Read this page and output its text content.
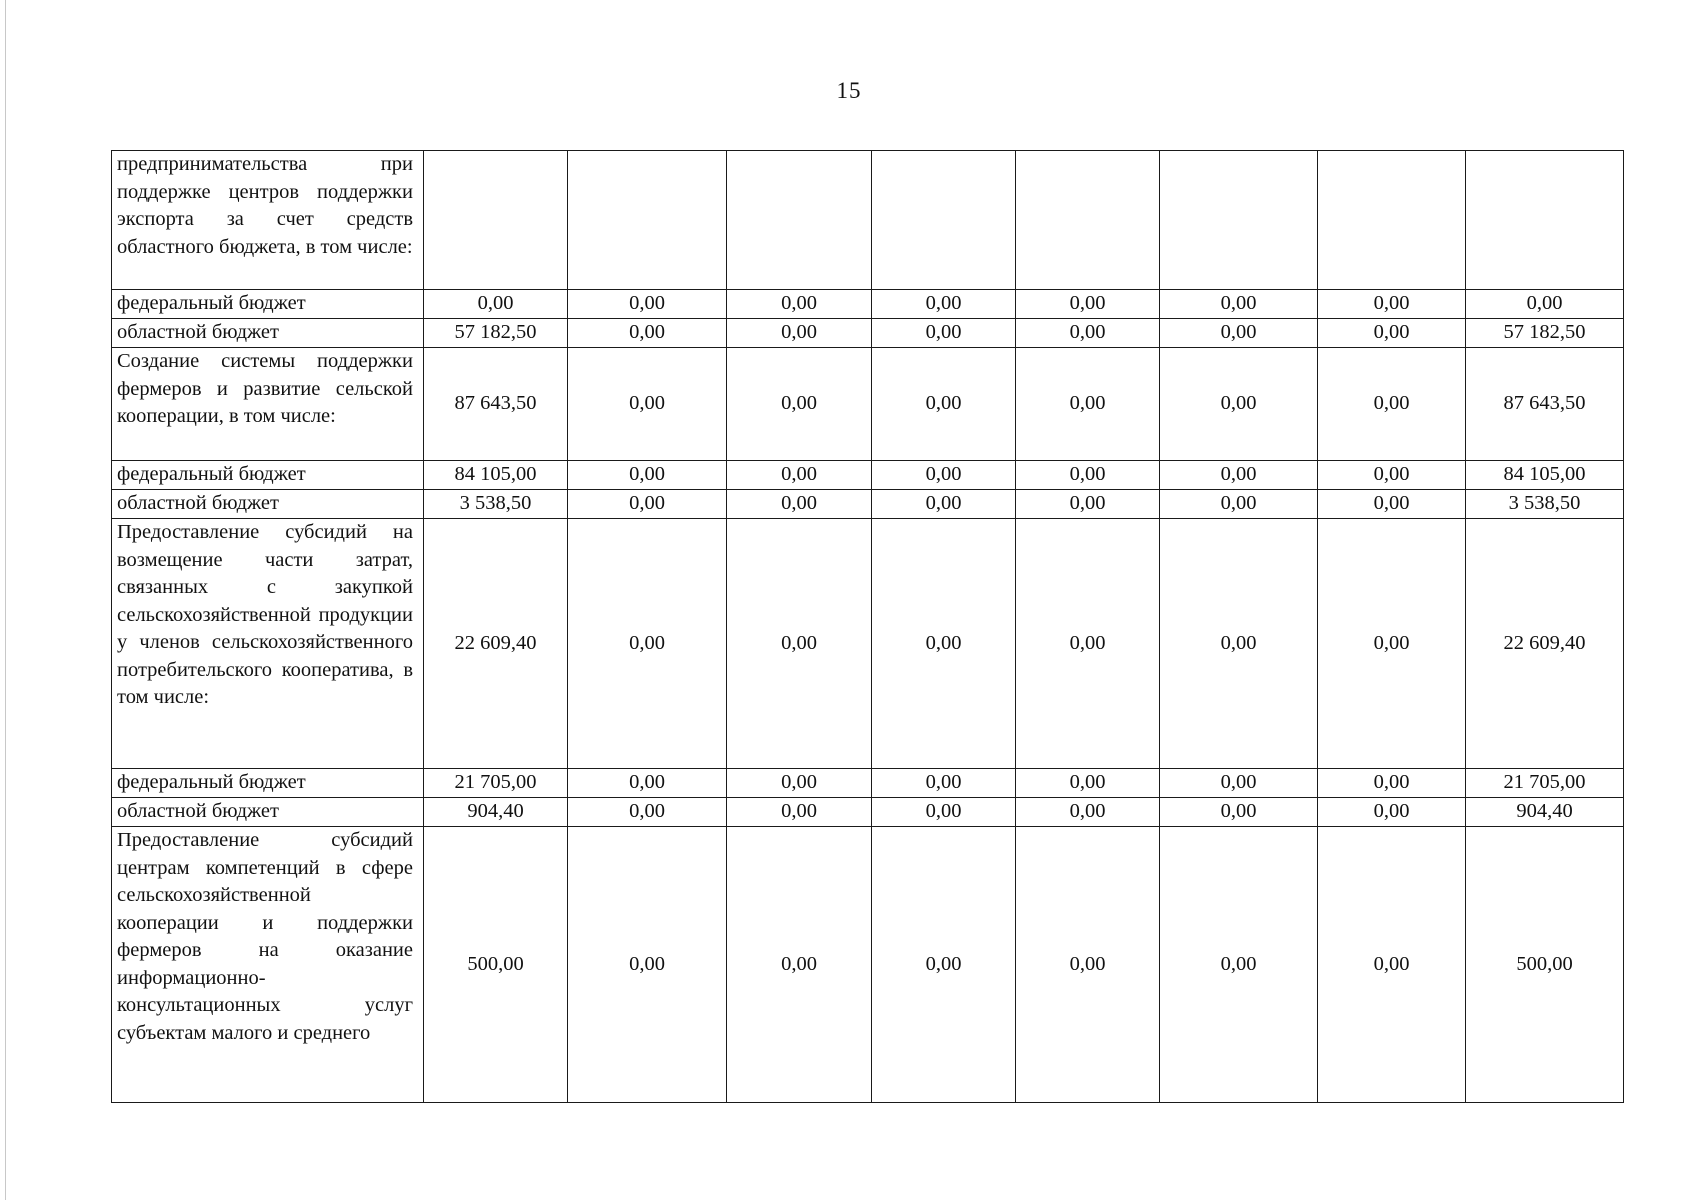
15
предпринимательства при поддержке центров поддержки экспорта за счет средств областного бюджета, в том числе:								
федеральный бюджет	0,00	0,00	0,00	0,00	0,00	0,00	0,00	0,00
областной бюджет	57 182,50	0,00	0,00	0,00	0,00	0,00	0,00	57 182,50
Создание системы поддержки фермеров и развитие сельской кооперации, в том числе:	87 643,50	0,00	0,00	0,00	0,00	0,00	0,00	87 643,50
федеральный бюджет	84 105,00	0,00	0,00	0,00	0,00	0,00	0,00	84 105,00
областной бюджет	3 538,50	0,00	0,00	0,00	0,00	0,00	0,00	3 538,50
Предоставление субсидий на возмещение части затрат, связанных с закупкой сельскохозяйственной продукции у членов сельскохозяйственного потребительского кооператива, в том числе:	22 609,40	0,00	0,00	0,00	0,00	0,00	0,00	22 609,40
федеральный бюджет	21 705,00	0,00	0,00	0,00	0,00	0,00	0,00	21 705,00
областной бюджет	904,40	0,00	0,00	0,00	0,00	0,00	0,00	904,40
Предоставление субсидий центрам компетенций в сфере сельскохозяйственной кооперации и поддержки фермеров на оказание информационно-консультационных услуг субъектам малого и среднего	500,00	0,00	0,00	0,00	0,00	0,00	0,00	500,00
